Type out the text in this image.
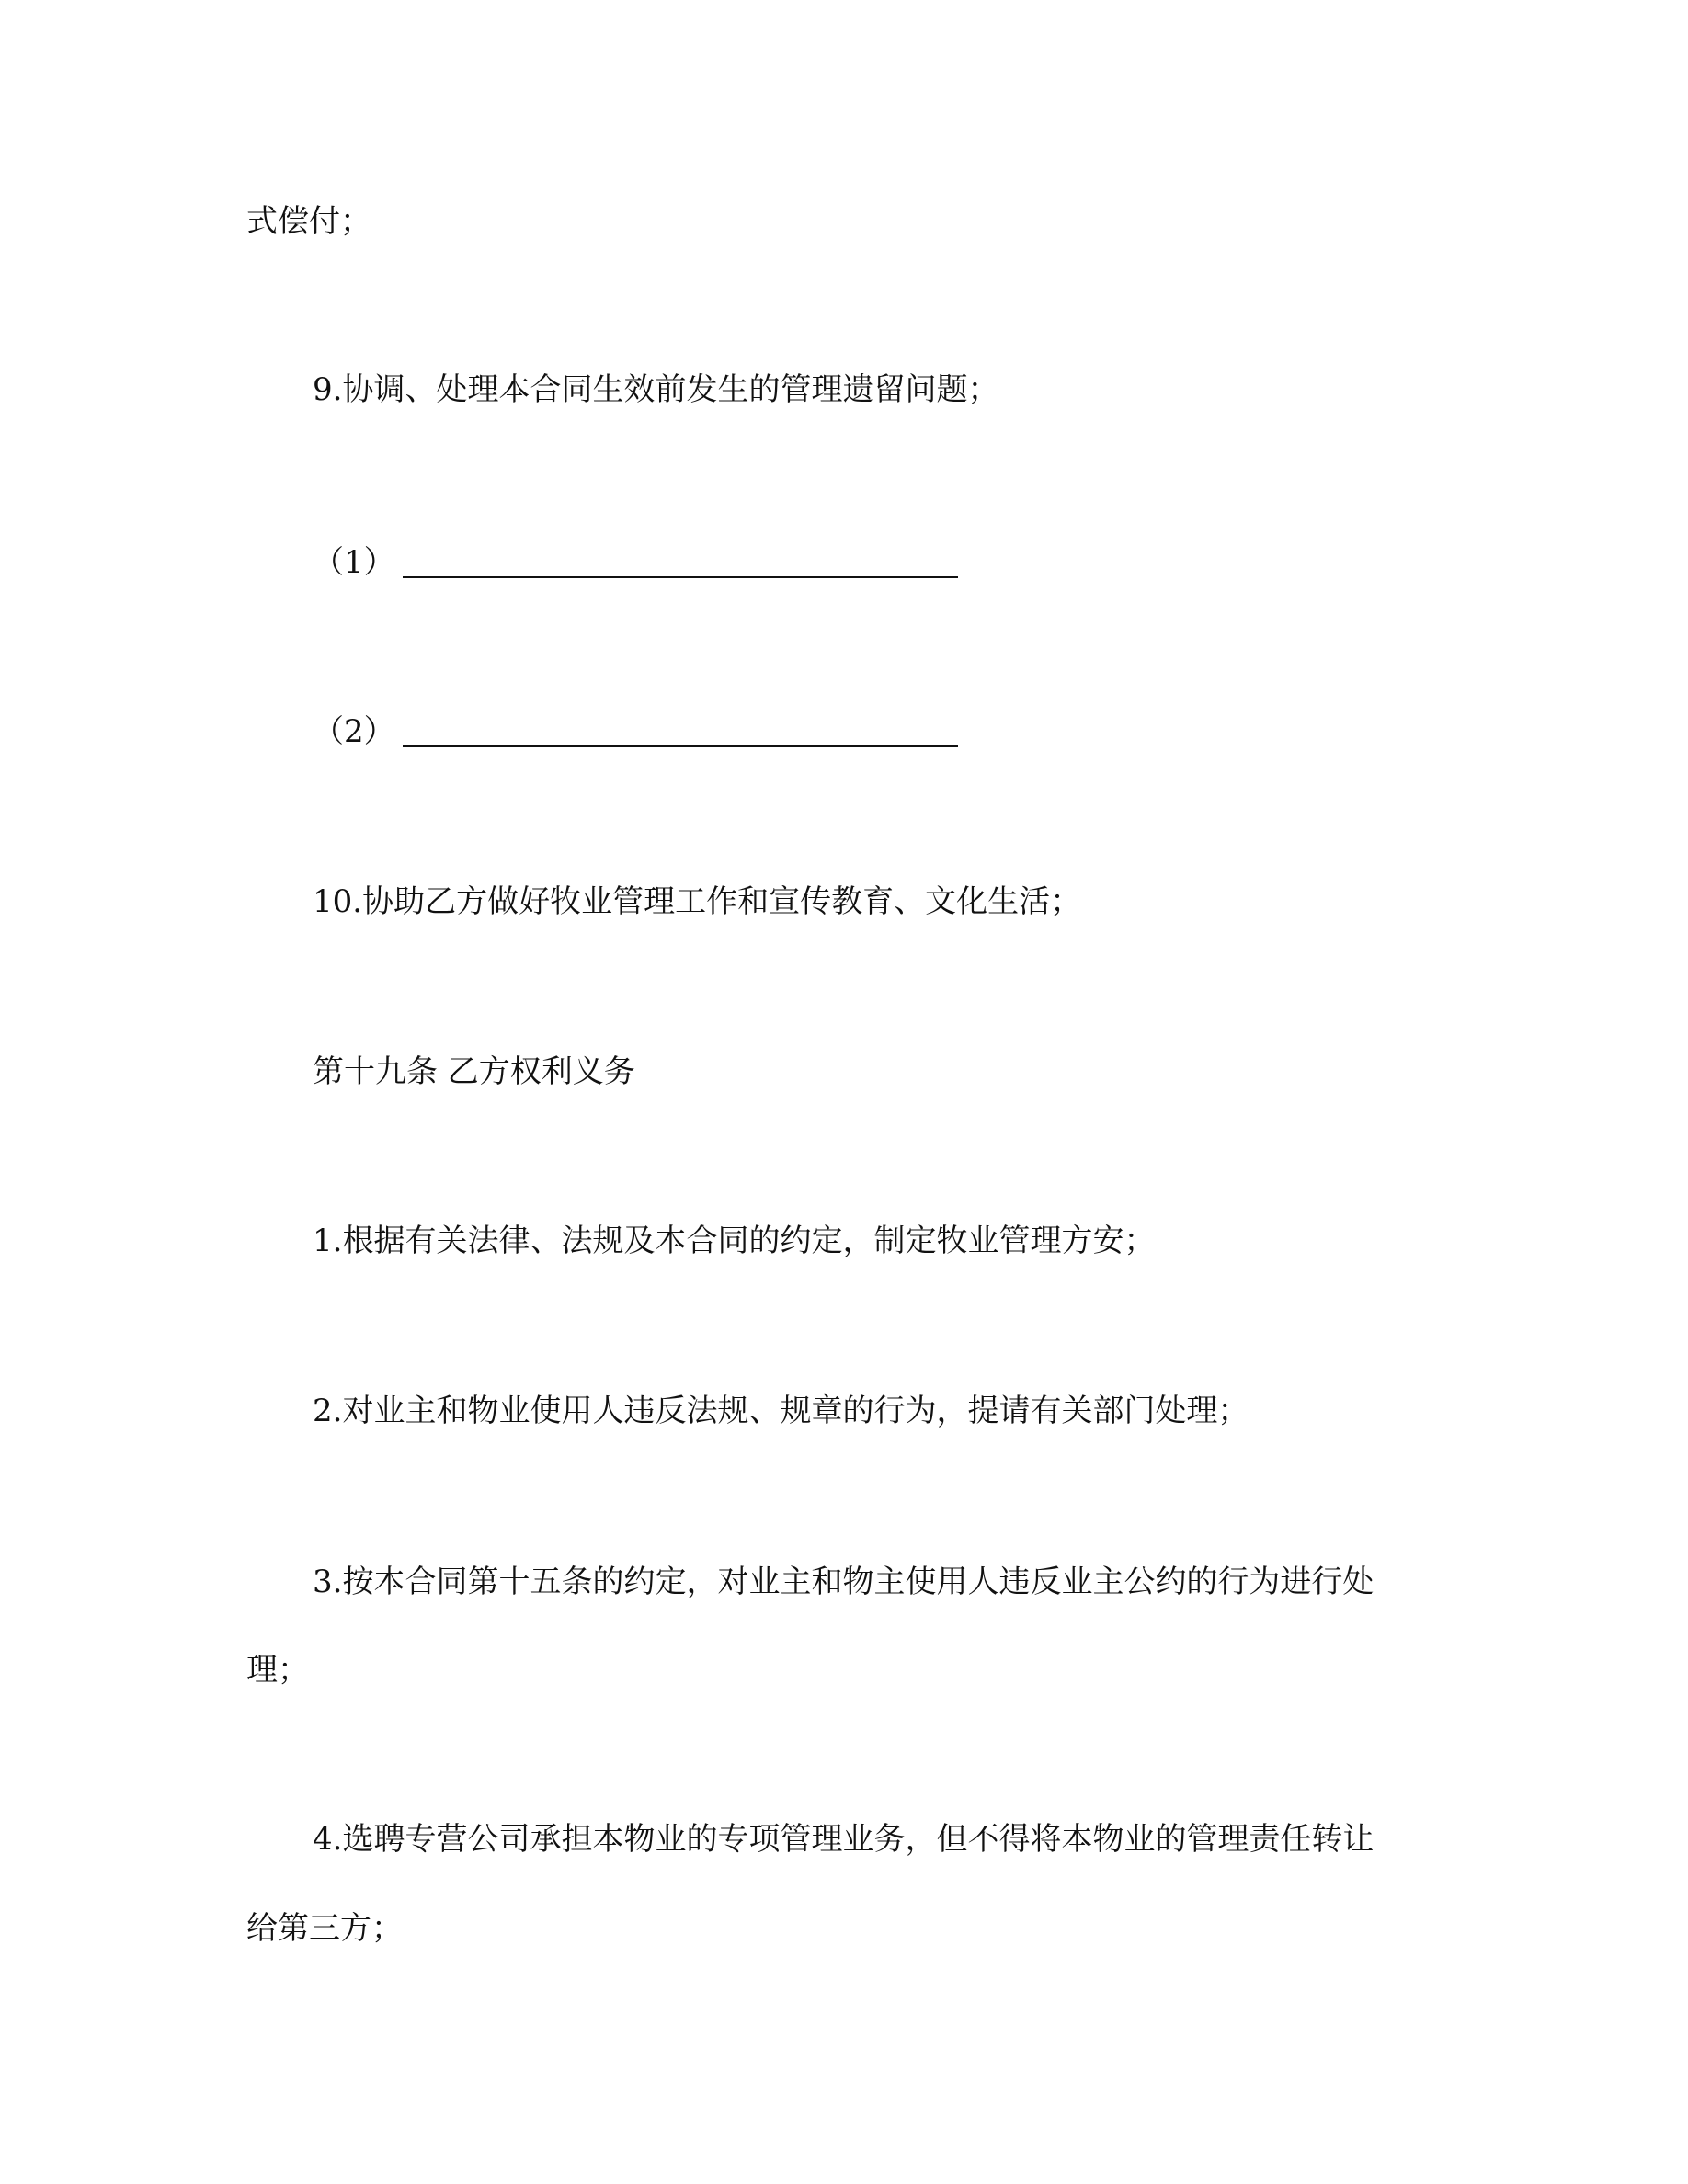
式偿付；
9.协调、处理本合同生效前发生的管理遗留问题；
（1）
（2）
10.协助乙方做好牧业管理工作和宣传教育、文化生活；
第十九条 乙方权利义务
1.根据有关法律、法规及本合同的约定，制定牧业管理方安；
2.对业主和物业使用人违反法规、规章的行为，提请有关部门处理；
3.按本合同第十五条的约定，对业主和物主使用人违反业主公约的行为进行处
理；
4.选聘专营公司承担本物业的专项管理业务，但不得将本物业的管理责任转让
给第三方；
